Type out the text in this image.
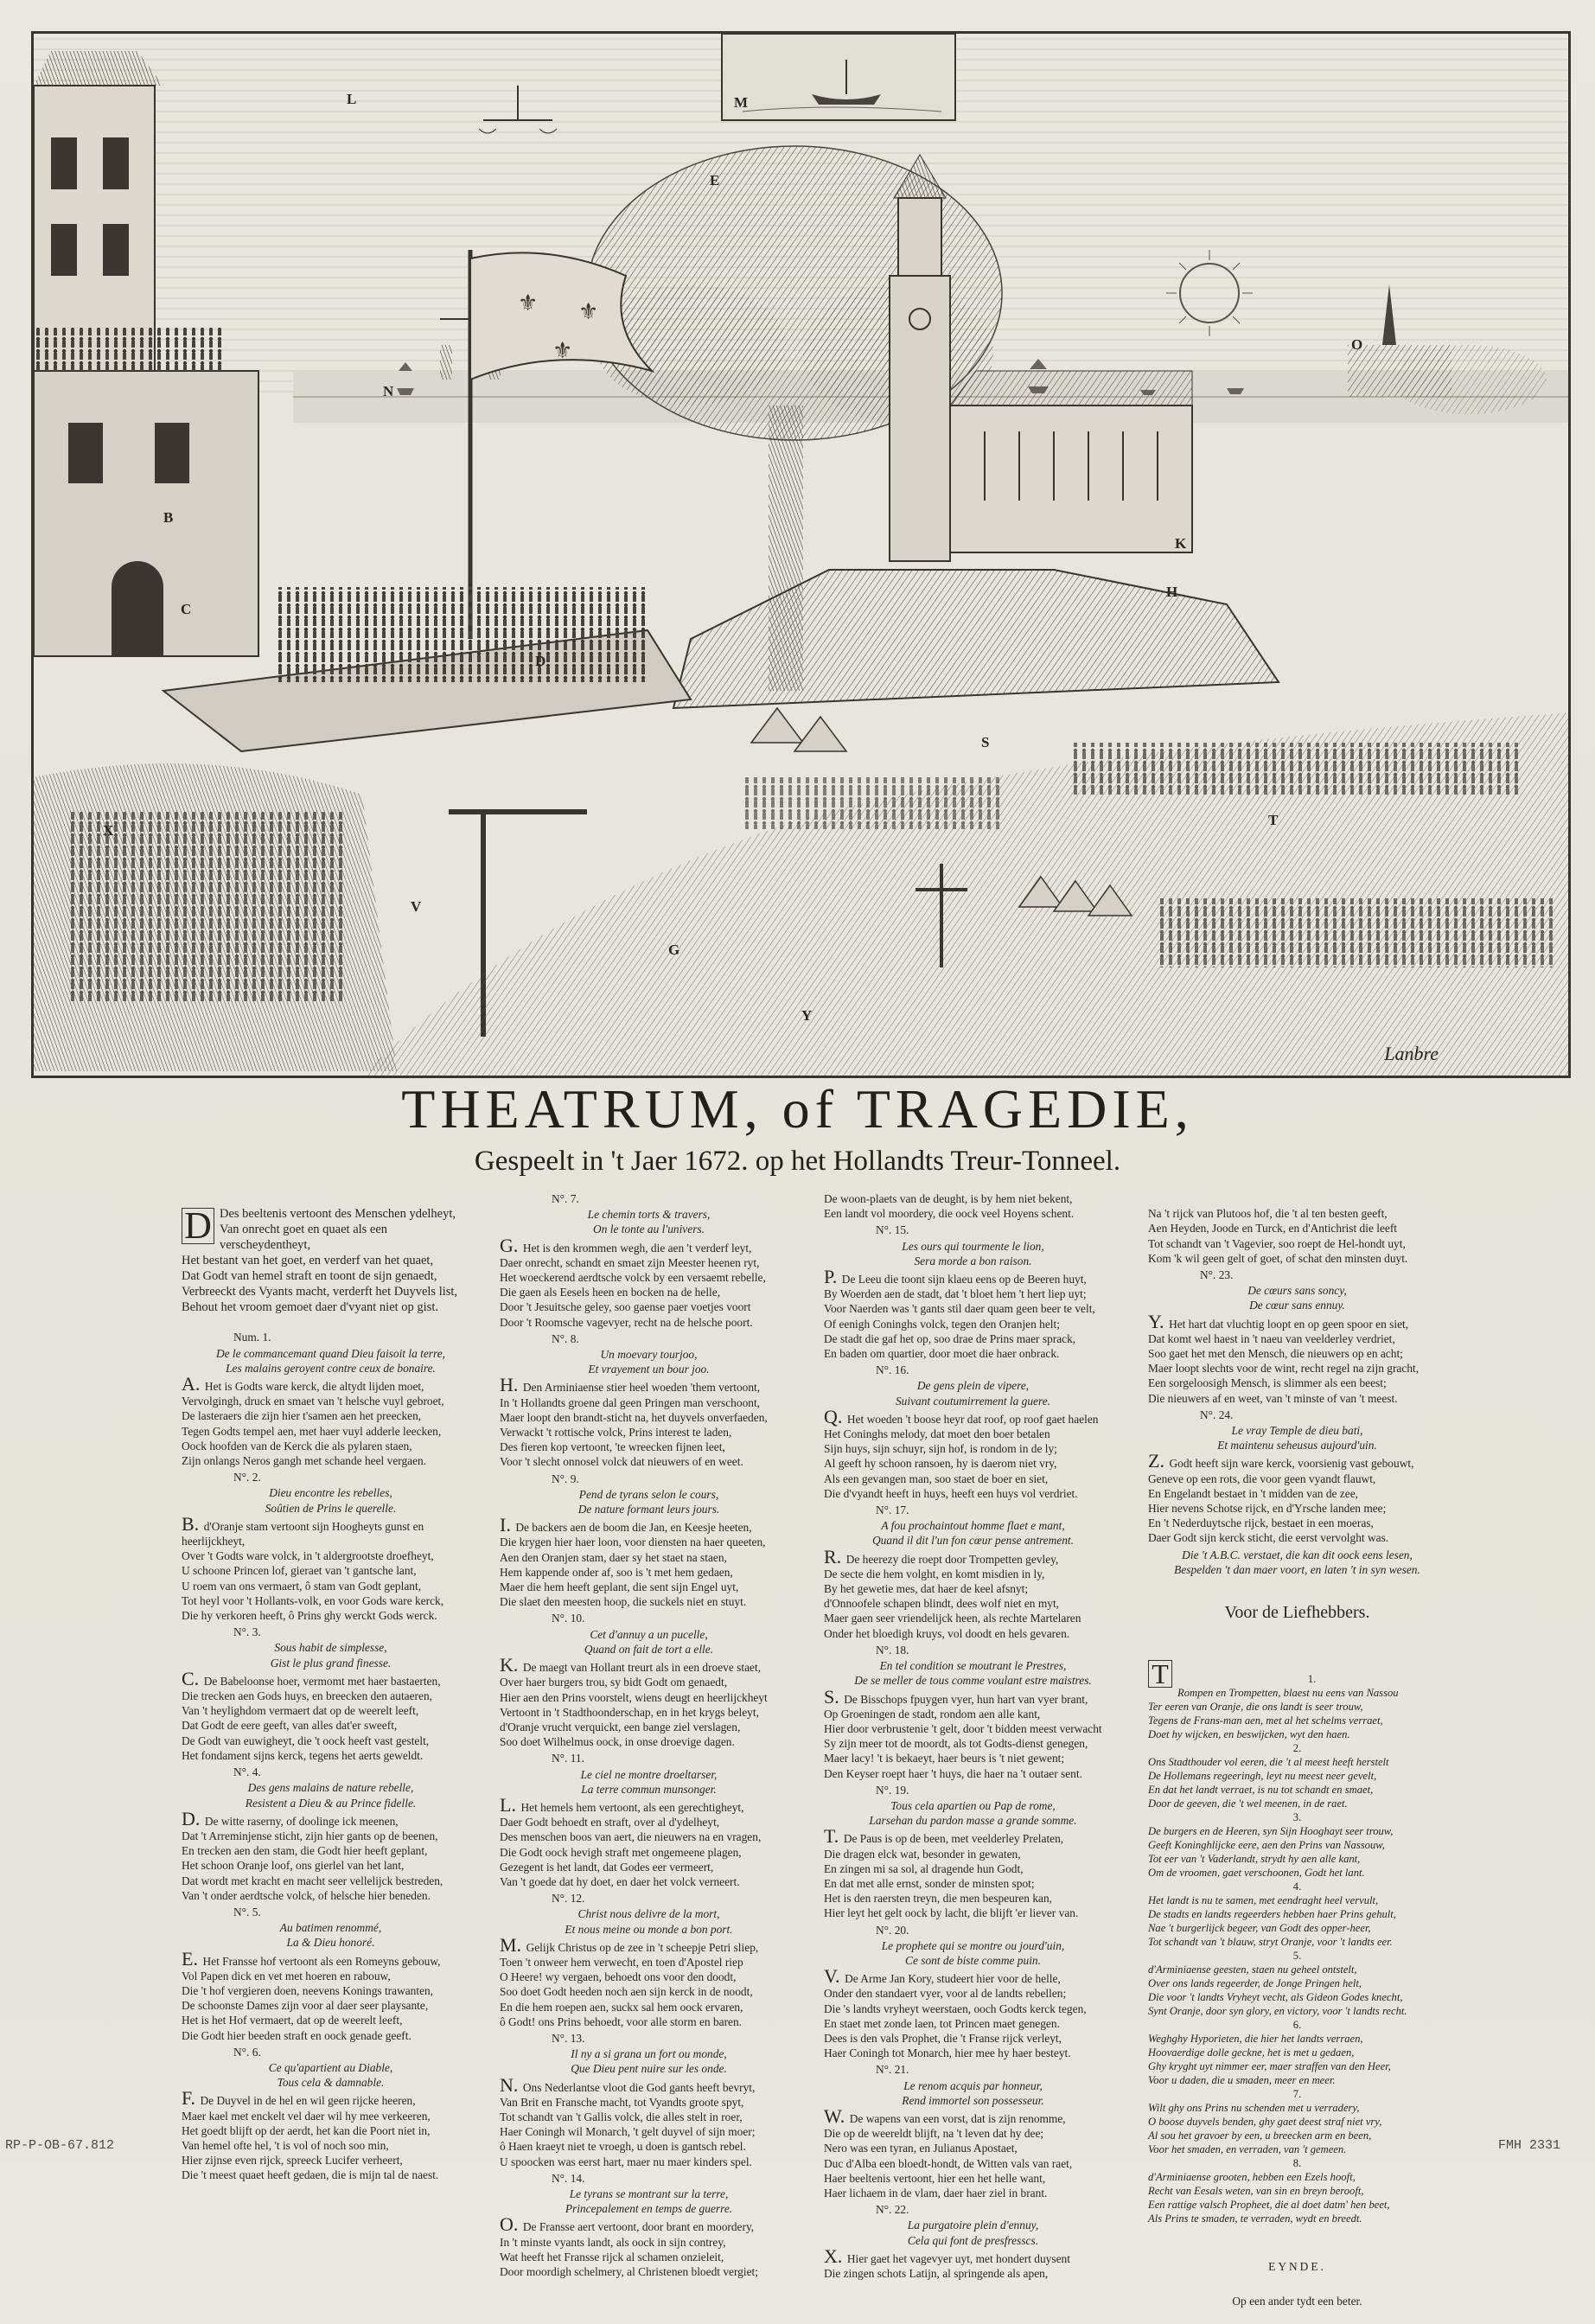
⚜ ⚜
⚜
L	M
E
N
O
S
T
V
X
G
H
D
B
C
Y
K
Lanbre
THEATRUM, of TRAGEDIE,
Gespeelt in 't Jaer 1672. op het Hollandts Treur-Tonneel.

D Des beeltenis vertoont des Menschen ydelheyt,
Van onrecht goet en quaet als een verscheydentheyt,
Het bestant van het goet, en verderf van het quaet,
Dat Godt van hemel straft en toont de sijn genaedt,
Verbreeckt des Vyants macht, verderft het Duyvels list,
Behout het vroom gemoet daer d'vyant niet op gist.

Num. 1.
De le commancemant quand Dieu faisoit la terre,
Les malains geroyent contre ceux de bonaire.
A. Het is Godts ware kerck, die altydt lijden moet,
Vervolgingh, druck en smaet van 't helsche vuyl gebroet,
De lasteraers die zijn hier t'samen aen het preecken,
Tegen Godts tempel aen, met haer vuyl adderle leecken,
Oock hoofden van de Kerck die als pylaren staen,
Zijn onlangs Neros gangh met schande heel vergaen.
N°. 2.
Dieu encontre les rebelles,
Soûtien de Prins le querelle.
B. d'Oranje stam vertoont sijn Hoogheyts gunst en heerlijckheyt,
Over 't Godts ware volck, in 't aldergrootste droefheyt,
U schoone Princen lof, gieraet van 't gantsche lant,
U roem van ons vermaert, ô stam van Godt geplant,
Tot heyl voor 't Hollants-volk, en voor Gods ware kerck,
Die hy verkoren heeft, ô Prins ghy werckt Gods werck.
N°. 3.
Sous habit de simplesse,
Gist le plus grand finesse.
C. De Babeloonse hoer, vermomt met haer bastaerten,
Die trecken aen Gods huys, en breecken den autaeren,
Van 't heylighdom vermaert dat op de weerelt leeft,
Dat Godt de eere geeft, van alles dat'er sweeft,
De Godt van euwigheyt, die 't oock heeft vast gestelt,
Het fondament sijns kerck, tegens het aerts geweldt.
N°. 4.
Des gens malains de nature rebelle,
Resistent a Dieu & au Prince fidelle.
D. De witte raserny, of doolinge ick meenen,
Dat 't Arreminjense sticht, zijn hier gants op de beenen,
En trecken aen den stam, die Godt hier heeft geplant,
Het schoon Oranje loof, ons gierlel van het lant,
Dat wordt met kracht en macht seer vellelijck bestreden,
Van 't onder aerdtsche volck, of helsche hier beneden.
N°. 5.
Au batimen renommé,
La & Dieu honoré.
E. Het Fransse hof vertoont als een Romeyns gebouw,
Vol Papen dick en vet met hoeren en rabouw,
Die 't hof vergieren doen, neevens Konings trawanten,
De schoonste Dames zijn voor al daer seer playsante,
Het is het Hof vermaert, dat op de weerelt leeft,
Die Godt hier beeden straft en oock genade geeft.
N°. 6.
Ce qu'apartient au Diable,
Tous cela & damnable.
F. De Duyvel in de hel en wil geen rijcke heeren,
Maer kael met enckelt vel daer wil hy mee verkeeren,
Het goedt blijft op der aerdt, het kan die Poort niet in,
Van hemel ofte hel, 't is vol of noch soo min,
Hier zijnse even rijck, spreeck Lucifer verheert,
Die 't meest quaet heeft gedaen, die is mijn tal de naest.

N°. 7.
Le chemin torts & travers,
On le tonte au l'univers.
G. Het is den krommen wegh, die aen 't verderf leyt,
Daer onrecht, schandt en smaet zijn Meester heenen ryt,
Het woeckerend aerdtsche volck by een versaemt rebelle,
Die gaen als Eesels heen en bocken na de helle,
Door 't Jesuitsche geley, soo gaense paer voetjes voort
Door 't Roomsche vagevyer, recht na de helsche poort.
N°. 8.
Un moevary tourjoo,
Et vrayement un bour joo.
H. Den Arminiaense stier heel woeden 'them vertoont,
In 't Hollandts groene dal geen Pringen man verschoont,
Maer loopt den brandt-sticht na, het duyvels onverfaeden,
Verwackt 't rottische volck, Prins interest te laden,
Des fieren kop vertoont, 'te wreecken fijnen leet,
Voor 't slecht onnosel volck dat nieuwers of en weet.
N°. 9.
Pend de tyrans selon le cours,
De nature formant leurs jours.
I. De backers aen de boom die Jan, en Keesje heeten,
Die krygen hier haer loon, voor diensten na haer queeten,
Aen den Oranjen stam, daer sy het staet na staen,
Hem kappende onder af, soo is 't met hem gedaen,
Maer die hem heeft geplant, die sent sijn Engel uyt,
Die slaet den meesten hoop, die suckels niet en stuyt.
N°. 10.
Cet d'annuy a un pucelle,
Quand on fait de tort a elle.
K. De maegt van Hollant treurt als in een droeve staet,
Over haer burgers trou, sy bidt Godt om genaedt,
Hier aen den Prins voorstelt, wiens deugt en heerlijckheyt
Vertoont in 't Stadthoonderschap, en in het krygs beleyt,
d'Oranje vrucht verquickt, een bange ziel verslagen,
Soo doet Wilhelmus oock, in onse droevige dagen.
N°. 11.
Le ciel ne montre droeltarser,
La terre commun munsonger.
L. Het hemels hem vertoont, als een gerechtigheyt,
Daer Godt behoedt en straft, over al d'ydelheyt,
Des menschen boos van aert, die nieuwers na en vragen,
Die Godt oock hevigh straft met ongemeene plagen,
Gezegent is het landt, dat Godes eer vermeert,
Van 't goede dat hy doet, en daer het volck verneert.
N°. 12.
Christ nous delivre de la mort,
Et nous meine ou monde a bon port.
M. Gelijk Christus op de zee in 't scheepje Petri sliep,
Toen 't onweer hem verwecht, en toen d'Apostel riep
O Heere! wy vergaen, behoedt ons voor den doodt,
Soo doet Godt heeden noch aen sijn kerck in de noodt,
En die hem roepen aen, suckx sal hem oock ervaren,
ô Godt! ons Prins behoedt, voor alle storm en baren.
N°. 13.
Il ny a si grana un fort ou monde,
Que Dieu pent nuire sur les onde.
N. Ons Nederlantse vloot die God gants heeft bevryt,
Van Brit en Fransche macht, tot Vyandts groote spyt,
Tot schandt van 't Gallis volck, die alles stelt in roer,
Haer Coningh wil Monarch, 't gelt duyvel of sijn moer;
ô Haen kraeyt niet te vroegh, u doen is gantsch rebel.
U spoocken was eerst hart, maer nu maer kinders spel.
N°. 14.
Le tyrans se montrant sur la terre,
Princepalement en temps de guerre.
O. De Fransse aert vertoont, door brant en moordery,
In 't minste vyants landt, als oock in sijn contrey,
Wat heeft het Fransse rijck al schamen onzieleit,
Door moordigh schelmery, al Christenen bloedt vergiet;
De woon-plaets van de deught, is by hem niet bekent,
Een landt vol moordery, die oock veel Hoyens schent.
N°. 15.
Les ours qui tourmente le lion,
Sera morde a bon raison.
P. De Leeu die toont sijn klaeu eens op de Beeren huyt,
By Woerden aen de stadt, dat 't bloet hem 't hert liep uyt;
Voor Naerden was 't gants stil daer quam geen beer te velt,
Of eenigh Coninghs volck, tegen den Oranjen helt;
De stadt die gaf het op, soo drae de Prins maer sprack,
En baden om quartier, door moet die haer onbrack.
N°. 16.
De gens plein de vipere,
Suivant coutumirrement la guere.
Q. Het woeden 't boose heyr dat roof, op roof gaet haelen
Het Coninghs melody, dat moet den boer betalen
Sijn huys, sijn schuyr, sijn hof, is rondom in de ly;
Al geeft hy schoon ransoen, hy is daerom niet vry,
Als een gevangen man, soo staet de boer en siet,
Die d'vyandt heeft in huys, heeft een huys vol verdriet.
N°. 17.
A fou prochaintout homme flaet e mant,
Quand il dit l'un fon cœur pense antrement.
R. De heerezy die roept door Trompetten gevley,
De secte die hem volght, en komt misdien in ly,
By het gewetie mes, dat haer de keel afsnyt;
d'Onnoofele schapen blindt, dees wolf niet en myt,
Maer gaen seer vriendelijck heen, als rechte Martelaren
Onder het bloedigh kruys, vol doodt en hels gevaren.
N°. 18.
En tel condition se moutrant le Prestres,
De se meller de tous comme voulant estre maistres.
S. De Bisschops fpuygen vyer, hun hart van vyer brant,
Op Groeningen de stadt, rondom aen alle kant,
Hier door verbrustenie 't gelt, door 't bidden meest verwacht
Sy zijn meer tot de moordt, als tot Godts-dienst genegen,
Maer lacy! 't is bekaeyt, haer beurs is 't niet gewent;
Den Keyser roept haer 't huys, die haer na 't outaer sent.
N°. 19.
Tous cela apartien ou Pap de rome,
Larsehan du pardon masse a grande somme.
T. De Paus is op de been, met veelderley Prelaten,
Die dragen elck wat, besonder in gewaten,
En zingen mi sa sol, al dragende hun Godt,
En dat met alle ernst, sonder de minsten spot;
Het is den raersten treyn, die men bespeuren kan,
Hier leyt het gelt oock by lacht, die blijft 'er liever van.
N°. 20.
Le prophete qui se montre ou jourd'uin,
Ce sont de biste comme puin.
V. De Arme Jan Kory, studeert hier voor de helle,
Onder den standaert vyer, voor al de landts rebellen;
Die 's landts vryheyt weerstaen, ooch Godts kerck tegen,
En staet met zonde laen, tot Princen maet genegen.
Dees is den vals Prophet, die 't Franse rijck verleyt,
Haer Coningh tot Monarch, hier mee hy haer besteyt.
N°. 21.
Le renom acquis par honneur,
Rend immortel son possesseur.
W. De wapens van een vorst, dat is zijn renomme,
Die op de weereldt blijft, na 't leven dat hy dee;
Nero was een tyran, en Julianus Apostaet,
Duc d'Alba een bloedt-hondt, de Witten vals van raet,
Haer beeltenis vertoont, hier een het helle want,
Haer lichaem in de vlam, daer haer ziel in brant.
N°. 22.
La purgatoire plein d'ennuy,
Cela qui font de presfresscs.
X. Hier gaet het vagevyer uyt, met hondert duysent
Die zingen schots Latijn, al springende als apen,

Na 't rijck van Plutoos hof, die 't al ten besten geeft,
Aen Heyden, Joode en Turck, en d'Antichrist die leeft
Tot schandt van 't Vagevier, soo roept de Hel-hondt uyt,
Kom 'k wil geen gelt of goet, of schat den minsten duyt.
N°. 23.
De cœurs sans soncy,
De cœur sans ennuy.
Y. Het hart dat vluchtig loopt en op geen spoor en siet,
Dat komt wel haest in 't naeu van veelderley verdriet,
Soo gaet het met den Mensch, die nieuwers op en acht;
Maer loopt slechts voor de wint, recht regel na zijn gracht,
Een sorgeloosigh Mensch, is slimmer als een beest;
Die nieuwers af en weet, van 't minste of van 't meest.
N°. 24.
Le vray Temple de dieu bati,
Et maintenu seheusus aujourd'uin.
Z. Godt heeft sijn ware kerck, voorsienig vast gebouwt,
Geneve op een rots, die voor geen vyandt flauwt,
En Engelandt bestaet in 't midden van de zee,
Hier nevens Schotse rijck, en d'Yrsche landen mee;
En 't Nederduytsche rijck, bestaet in een moeras,
Daer Godt sijn kerck sticht, die eerst vervolght was.
Die 't A.B.C. verstaet, die kan dit oock eens lesen,
Bespelden 't dan maer voort, en laten 't in syn wesen.

Voor de Liefhebbers.

T	1.
Rompen en Trompetten, blaest nu eens van Nassou
Ter eeren van Oranje, die ons landt is seer trouw,
Tegens de Frans-man aen, met al het schelms verraet,
Doet hy wijcken, en beswijcken, wyt den haen.
2.
Ons Stadthouder vol eeren, die 't al meest heeft herstelt
De Hollemans regeeringh, leyt nu meest neer gevelt,
En dat het landt verraet, is nu tot schandt en smaet,
Door de geeven, die 't wel meenen, in de raet.
3.
De burgers en de Heeren, syn Sijn Hooghayt seer trouw,
Geeft Koninghlijcke eere, aen den Prins van Nassouw,
Tot eer van 't Vaderlandt, strydt hy aen alle kant,
Om de vroomen, gaet verschoonen, Godt het lant.
4.
Het landt is nu te samen, met eendraght heel vervult,
De stadts en landts regeerders hebben haer Prins gehult,
Nae 't burgerlijck begeer, van Godt des opper-heer,
Tot schandt van 't blauw, stryt Oranje, voor 't landts eer.
5.
d'Arminiaense geesten, staen nu geheel ontstelt,
Over ons lands regeerder, de Jonge Pringen helt,
Die voor 't landts Vryheyt vecht, als Gideon Godes knecht,
Synt Oranje, door syn glory, en victory, voor 't landts recht.
6.
Weghghy Hyporieten, die hier het landts verraen,
Hoovaerdige dolle geckne, het is met u gedaen,
Ghy kryght uyt nimmer eer, maer straffen van den Heer,
Voor u daden, die u smaden, meer en meer.
7.
Wilt ghy ons Prins nu schenden met u verradery,
O boose duyvels benden, ghy gaet deest straf niet vry,
Al sou het gravoer by een, u breecken arm en been,
Voor het smaden, en verraden, van 't gemeen.
8.
d'Arminiaense grooten, hebben een Ezels hooft,
Recht van Eesals weten, van sin en breyn berooft,
Een rattige valsch Propheet, die al doet datm' hen beet,
Als Prins te smaden, te verraden, wydt en breedt.

EYNDE.

Op een ander tydt een beter.

RP-P-OB-67.812	FMH 2331
